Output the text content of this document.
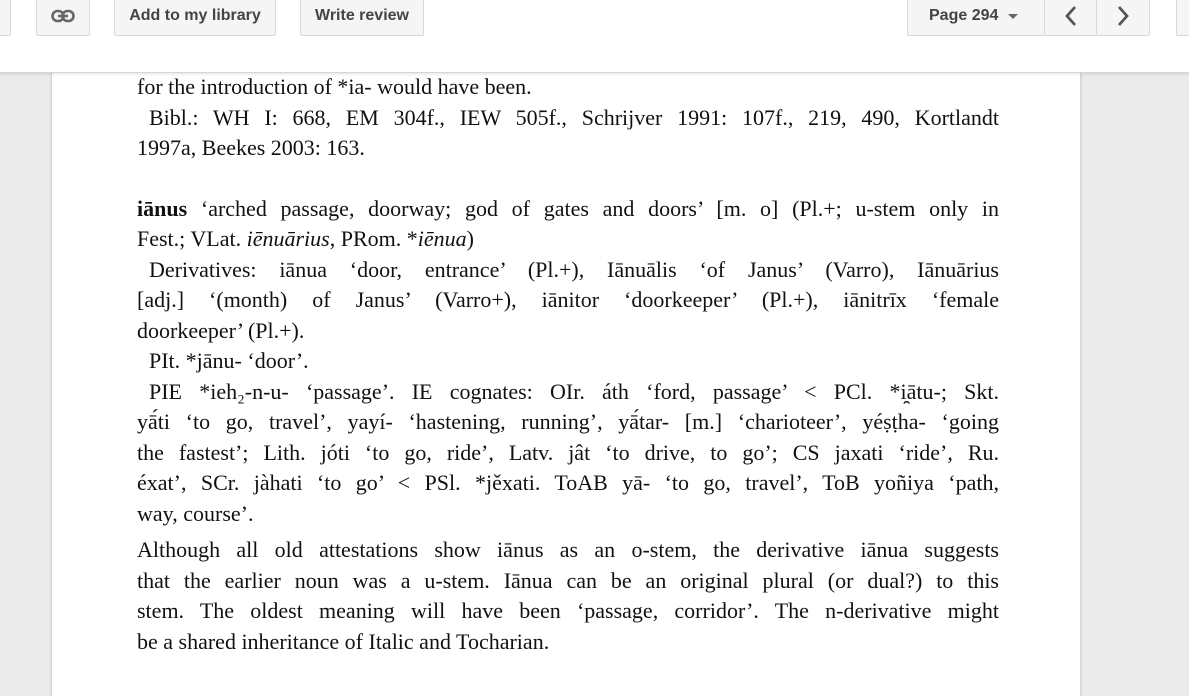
Add to my library	Write review	Page 294

for the introduction of *ia- would have been.

Bibl.: WH I: 668, EM 304f., IEW 505f., Schrijver 1991: 107f., 219, 490, Kortlandt

1997a, Beekes 2003: 163.

iānus ‘arched passage, doorway; god of gates and doors’ [m. o] (Pl.+; u-stem only in

Fest.; VLat. iēnuārius, PRom. *iēnua)

Derivatives: iānua ‘door, entrance’ (Pl.+), Iānuālis ‘of Janus’ (Varro), Iānuārius

[adj.] ‘(month) of Janus’ (Varro+), iānitor ‘doorkeeper’ (Pl.+), iānitrīx ‘female

doorkeeper’ (Pl.+).

PIt. *jānu- ‘door’.

PIE *ieh₂-n-u- ‘passage’. IE cognates: OIr. áth ‘ford, passage’ < PCl. *i̯ātu-; Skt.

yā́ti ‘to go, travel’, yayí- ‘hastening, running’, yā́tar- [m.] ‘charioteer’, yéṣṭha- ‘going

the fastest’; Lith. jóti ‘to go, ride’, Latv. jât ‘to drive, to go’; CS jaxati ‘ride’, Ru.

éxat’, SCr. jàhati ‘to go’ < PSl. *jěxati. ToAB yā- ‘to go, travel’, ToB yoñiya ‘path,

way, course’.

Although all old attestations show iānus as an o-stem, the derivative iānua suggests

that the earlier noun was a u-stem. Iānua can be an original plural (or dual?) to this

stem. The oldest meaning will have been ‘passage, corridor’. The n-derivative might

be a shared inheritance of Italic and Tocharian.
